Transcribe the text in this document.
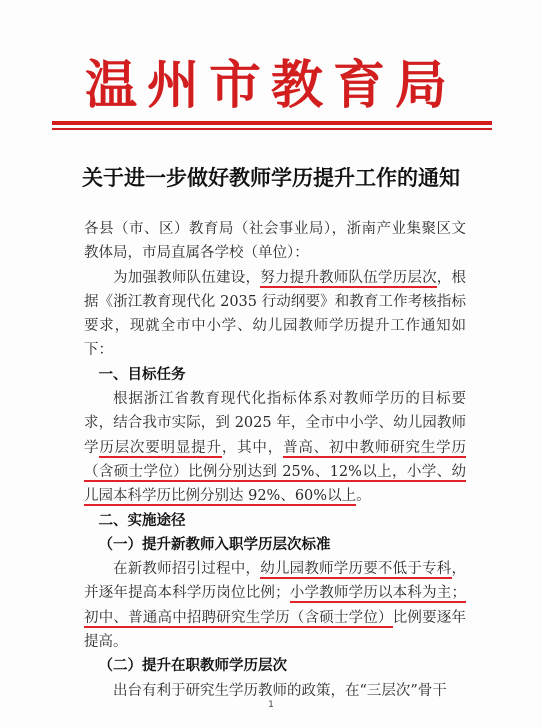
温州市教育局
关于进一步做好教师学历提升工作的通知

各县（市、区）教育局（社会事业局），浙南产业集聚区文教体局，市局直属各学校（单位）：

为加强教师队伍建设，努力提升教师队伍学历层次，根据《浙江教育现代化 2035 行动纲要》和教育工作考核指标要求，现就全市中小学、幼儿园教师学历提升工作通知如下：

一、目标任务

根据浙江省教育现代化指标体系对教师学历的目标要求，结合我市实际，到 2025 年，全市中小学、幼儿园教师学历层次要明显提升，其中，普高、初中教师研究生学历（含硕士学位）比例分别达到 25%、12%以上，小学、幼儿园本科学历比例分别达 92%、60%以上。

二、实施途径

（一）提升新教师入职学历层次标准

在新教师招引过程中，幼儿园教师学历要不低于专科，并逐年提高本科学历岗位比例；小学教师学历以本科为主；初中、普通高中招聘研究生学历（含硕士学位）比例要逐年提高。

（二）提升在职教师学历层次

出台有利于研究生学历教师的政策，在“三层次”骨干

1
